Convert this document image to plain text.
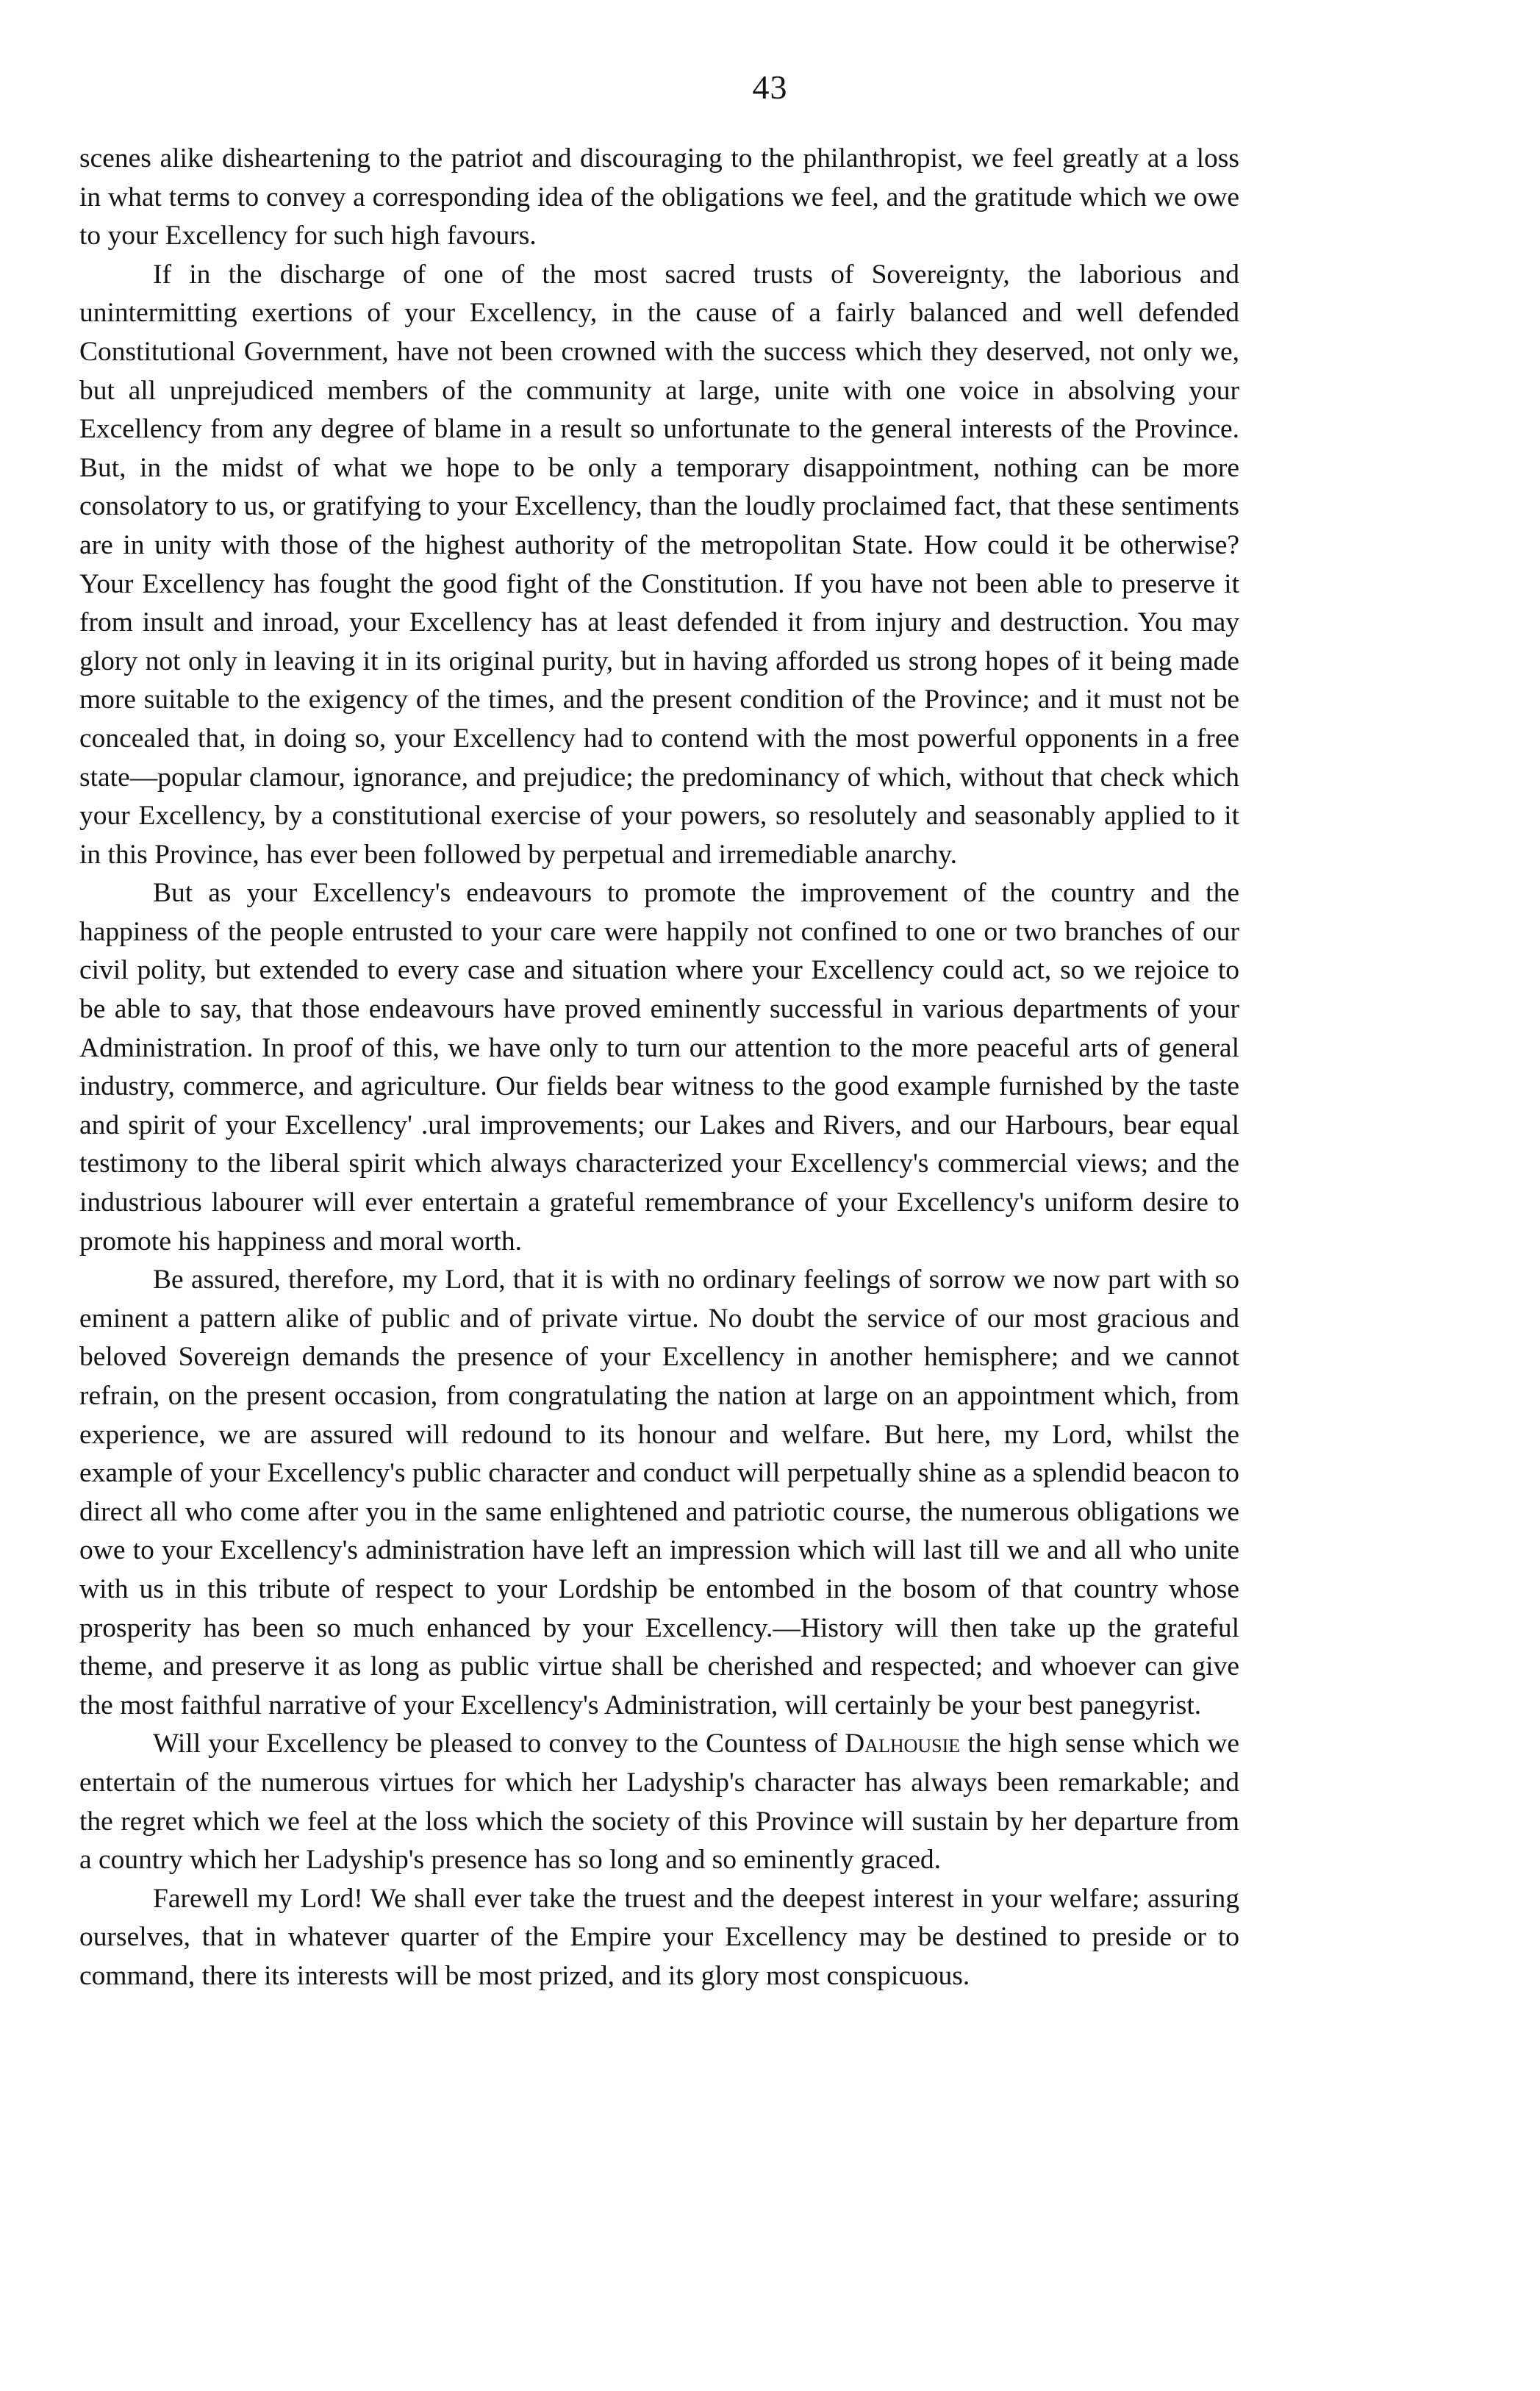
43

scenes alike disheartening to the patriot and discouraging to the philanthropist, we feel greatly at a loss in what terms to convey a corresponding idea of the obligations we feel, and the gratitude which we owe to your Excellency for such high favours.

If in the discharge of one of the most sacred trusts of Sovereignty, the laborious and unintermitting exertions of your Excellency, in the cause of a fairly balanced and well defended Constitutional Government, have not been crowned with the success which they deserved, not only we, but all unprejudiced members of the community at large, unite with one voice in absolving your Excellency from any degree of blame in a result so unfortunate to the general interests of the Province. But, in the midst of what we hope to be only a temporary disappointment, nothing can be more consolatory to us, or gratifying to your Excellency, than the loudly proclaimed fact, that these sentiments are in unity with those of the highest authority of the metropolitan State. How could it be otherwise? Your Excellency has fought the good fight of the Constitution. If you have not been able to preserve it from insult and inroad, your Excellency has at least defended it from injury and destruction. You may glory not only in leaving it in its original purity, but in having afforded us strong hopes of it being made more suitable to the exigency of the times, and the present condition of the Province; and it must not be concealed that, in doing so, your Excellency had to contend with the most powerful opponents in a free state—popular clamour, ignorance, and prejudice; the predominancy of which, without that check which your Excellency, by a constitutional exercise of your powers, so resolutely and seasonably applied to it in this Province, has ever been followed by perpetual and irremediable anarchy.

But as your Excellency's endeavours to promote the improvement of the country and the happiness of the people entrusted to your care were happily not confined to one or two branches of our civil polity, but extended to every case and situation where your Excellency could act, so we rejoice to be able to say, that those endeavours have proved eminently successful in various departments of your Administration. In proof of this, we have only to turn our attention to the more peaceful arts of general industry, commerce, and agriculture. Our fields bear witness to the good example furnished by the taste and spirit of your Excellency' .ural improvements; our Lakes and Rivers, and our Harbours, bear equal testimony to the liberal spirit which always characterized your Excellency's commercial views; and the industrious labourer will ever entertain a grateful remembrance of your Excellency's uniform desire to promote his happiness and moral worth.

Be assured, therefore, my Lord, that it is with no ordinary feelings of sorrow we now part with so eminent a pattern alike of public and of private virtue. No doubt the service of our most gracious and beloved Sovereign demands the presence of your Excellency in another hemisphere; and we cannot refrain, on the present occasion, from congratulating the nation at large on an appointment which, from experience, we are assured will redound to its honour and welfare. But here, my Lord, whilst the example of your Excellency's public character and conduct will perpetually shine as a splendid beacon to direct all who come after you in the same enlightened and patriotic course, the numerous obligations we owe to your Excellency's administration have left an impression which will last till we and all who unite with us in this tribute of respect to your Lordship be entombed in the bosom of that country whose prosperity has been so much enhanced by your Excellency.—History will then take up the grateful theme, and preserve it as long as public virtue shall be cherished and respected; and whoever can give the most faithful narrative of your Excellency's Administration, will certainly be your best panegyrist.

Will your Excellency be pleased to convey to the Countess of Dalhousie the high sense which we entertain of the numerous virtues for which her Ladyship's character has always been remarkable; and the regret which we feel at the loss which the society of this Province will sustain by her departure from a country which her Ladyship's presence has so long and so eminently graced.

Farewell my Lord! We shall ever take the truest and the deepest interest in your welfare; assuring ourselves, that in whatever quarter of the Empire your Excellency may be destined to preside or to command, there its interests will be most prized, and its glory most conspicuous.
